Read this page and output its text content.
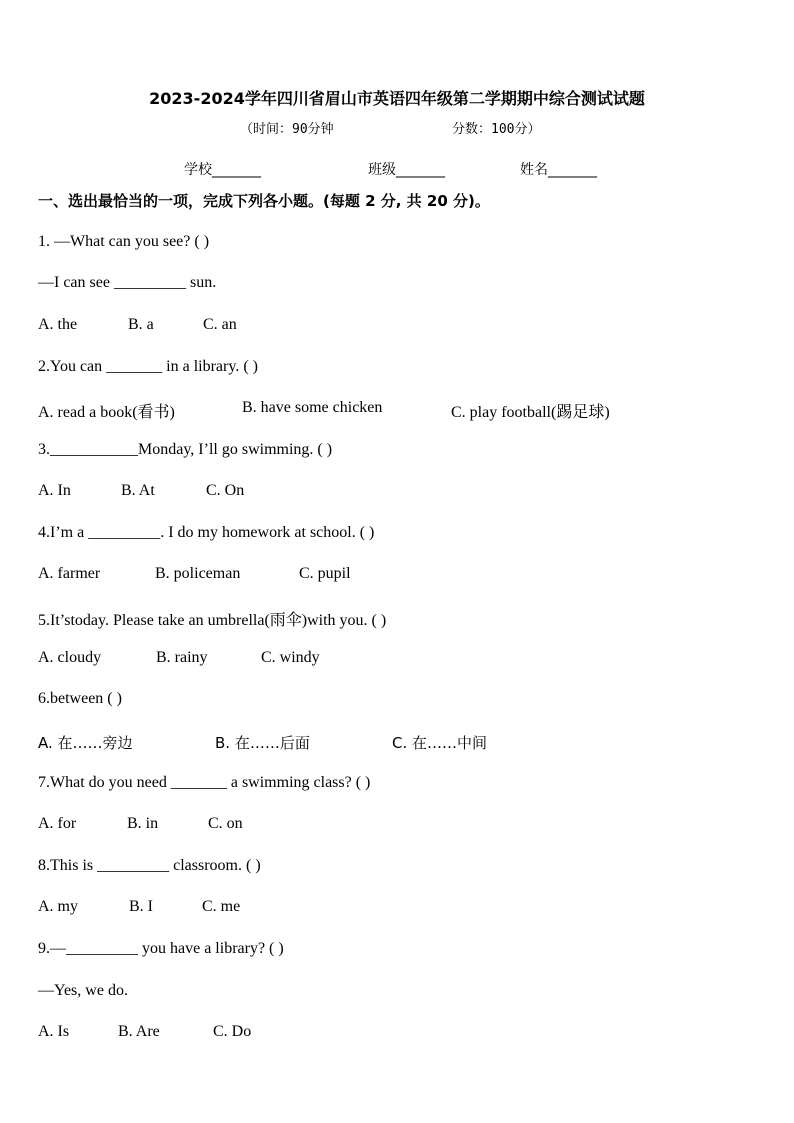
2023-2024学年四川省眉山市英语四年级第二学期期中综合测试试题
（时间：90分钟	分数：100分）
学校_______	班级_______	姓名_______
一、选出最恰当的一项，完成下列各小题。(每题 2 分, 共 20 分)。
1. —What can you see? ( )
—I can see _________ sun.
A. the	B. a	C. an
2.You can _______ in a library. ( )
A. read a book(看书)	B. have some chicken	C. play football(踢足球)
3.___________Monday, I’ll go swimming. ( )
A. In	B. At	C. On
4.I’m a _________. I do my homework at school. ( )
A. farmer	B. policeman	C. pupil
5.It’stoday. Please take an umbrella(雨伞)with you. ( )
A. cloudy	B. rainy	C. windy
6.between ( )
A. 在……旁边	B. 在……后面	C. 在……中间
7.What do you need _______ a swimming class? ( )
A. for	B. in	C. on
8.This is _________ classroom. ( )
A. my	B. I	C. me
9.—_________ you have a library? ( )
—Yes, we do.
A. Is	B. Are	C. Do
